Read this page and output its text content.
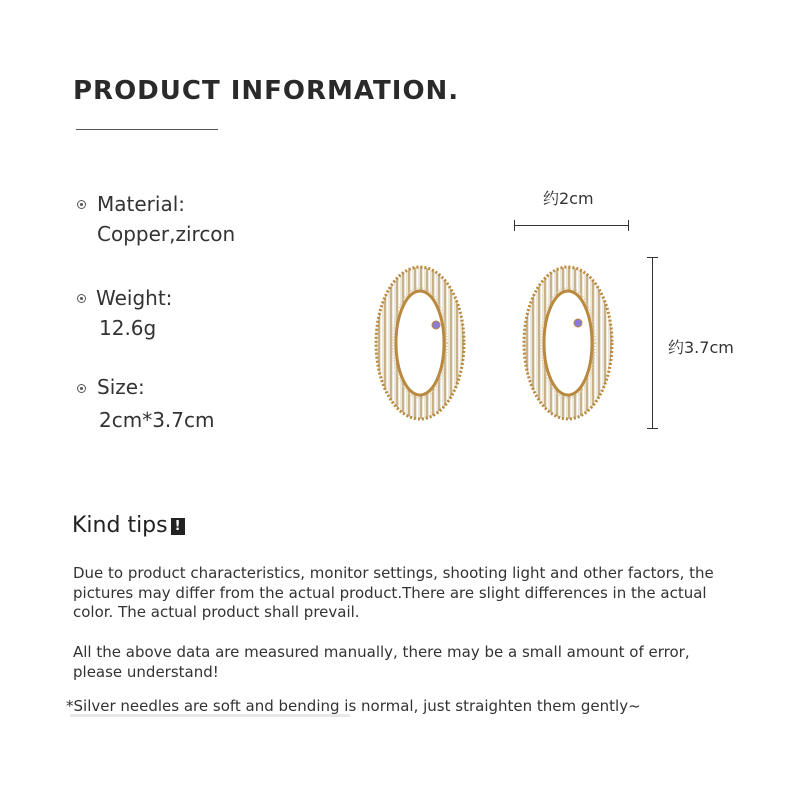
PRODUCT INFORMATION.
Material:
Copper,zircon
Weight:
12.6g
Size:
2cm*3.7cm
约2cm
约3.7cm
Kind tips !
Due to product characteristics, monitor settings, shooting light and other factors, the pictures may differ from the actual product.There are slight differences in the actual color. The actual product shall prevail.
All the above data are measured manually, there may be a small amount of error, please understand!
*Silver needles are soft and bending is normal, just straighten them gently~
